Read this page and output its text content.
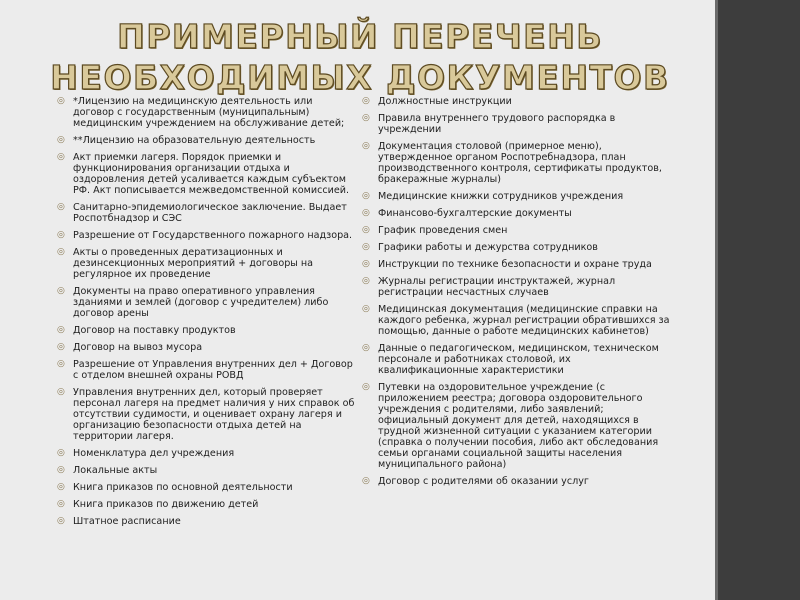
ПРИМЕРНЫЙ ПЕРЕЧЕНЬ НЕОБХОДИМЫХ ДОКУМЕНТОВ
◎ *Лицензию на медицинскую деятельность или договор с государственным (муниципальным) медицинским учреждением на обслуживание детей;
◎ **Лицензию на образовательную деятельность
◎ Акт приемки лагеря. Порядок приемки и функционирования организации отдыха и оздоровления детей усаливается каждым субъектом РФ. Акт пописывается межведомственной комиссией.
◎ Санитарно-эпидемиологическое заключение. Выдает Роспотбнадзор и СЭС
◎ Разрешение от Государственного пожарного надзора.
◎ Акты о проведенных дератизационных и дезинсекционных мероприятий + договоры на регулярное их проведение
◎ Документы на право оперативного управления зданиями и землей (договор с учредителем) либо договор арены
◎ Договор на поставку продуктов
◎ Договор на вывоз мусора
◎ Разрешение от Управления внутренних дел + Договор с отделом внешней охраны РОВД
◎ Управления внутренних дел, который проверяет персонал лагеря на предмет наличия у них справок об отсутствии судимости, и оценивает охрану лагеря и организацию безопасности отдыха детей на территории лагеря.
◎ Номенклатура дел учреждения
◎ Локальные акты
◎ Книга приказов по основной деятельности
◎ Книга приказов по движению детей
◎ Штатное расписание
◎ Должностные инструкции
◎ Правила внутреннего трудового распорядка в учреждении
◎ Документация столовой (примерное меню), утвержденное органом Роспотребнадзора, план производственного контроля, сертификаты продуктов, бракеражные журналы)
◎ Медицинские книжки сотрудников учреждения
◎ Финансово-бухгалтерские документы
◎ График проведения смен
◎ Графики работы и дежурства сотрудников
◎ Инструкции по технике безопасности и охране труда
◎ Журналы регистрации инструктажей, журнал регистрации несчастных случаев
◎ Медицинская документация (медицинские справки на каждого ребенка, журнал регистрации обратившихся за помощью, данные о работе медицинских кабинетов)
◎ Данные о педагогическом, медицинском, техническом персонале и работниках столовой, их квалификационные характеристики
◎ Путевки на оздоровительное учреждение (с приложением реестра; договора оздоровительного учреждения с родителями, либо заявлений; официальный документ для детей, находящихся в трудной жизненной ситуации с указанием категории (справка о получении пособия, либо акт обследования семьи органами социальной защиты населения муниципального района)
◎ Договор с родителями об оказании услуг
